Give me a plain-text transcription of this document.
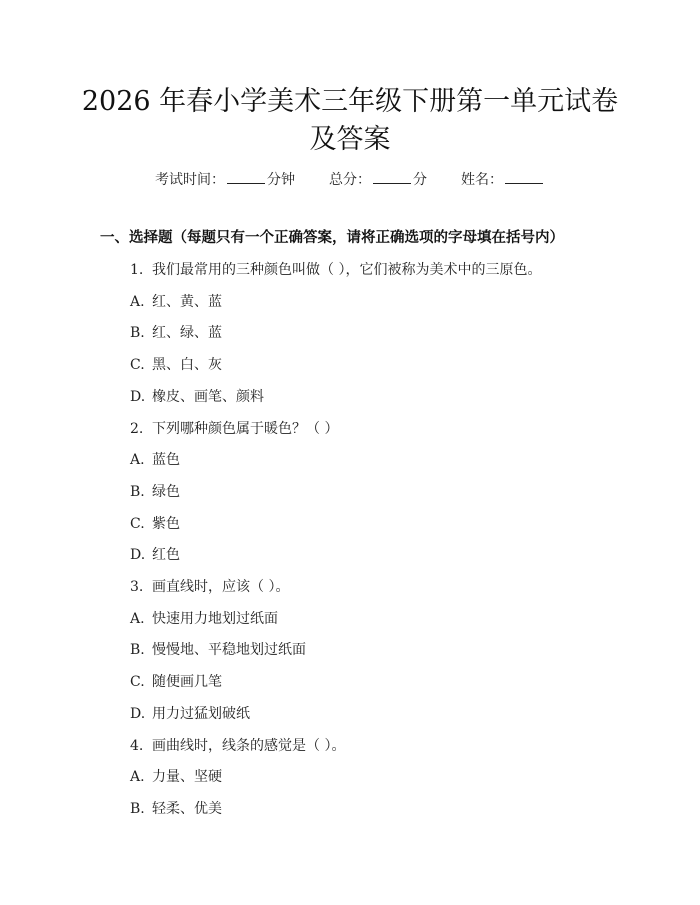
2026 年春小学美术三年级下册第一单元试卷
及答案
考试时间：	分钟 总分：	分 姓名：
一、选择题（每题只有一个正确答案，请将正确选项的字母填在括号内）
1. 我们最常用的三种颜色叫做（ ），它们被称为美术中的三原色。
A. 红、黄、蓝
B. 红、绿、蓝
C. 黑、白、灰
D. 橡皮、画笔、颜料
2. 下列哪种颜色属于暖色？（ ）
A. 蓝色
B. 绿色
C. 紫色
D. 红色
3. 画直线时，应该（ ）。
A. 快速用力地划过纸面
B. 慢慢地、平稳地划过纸面
C. 随便画几笔
D. 用力过猛划破纸
4. 画曲线时，线条的感觉是（ ）。
A. 力量、坚硬
B. 轻柔、优美
